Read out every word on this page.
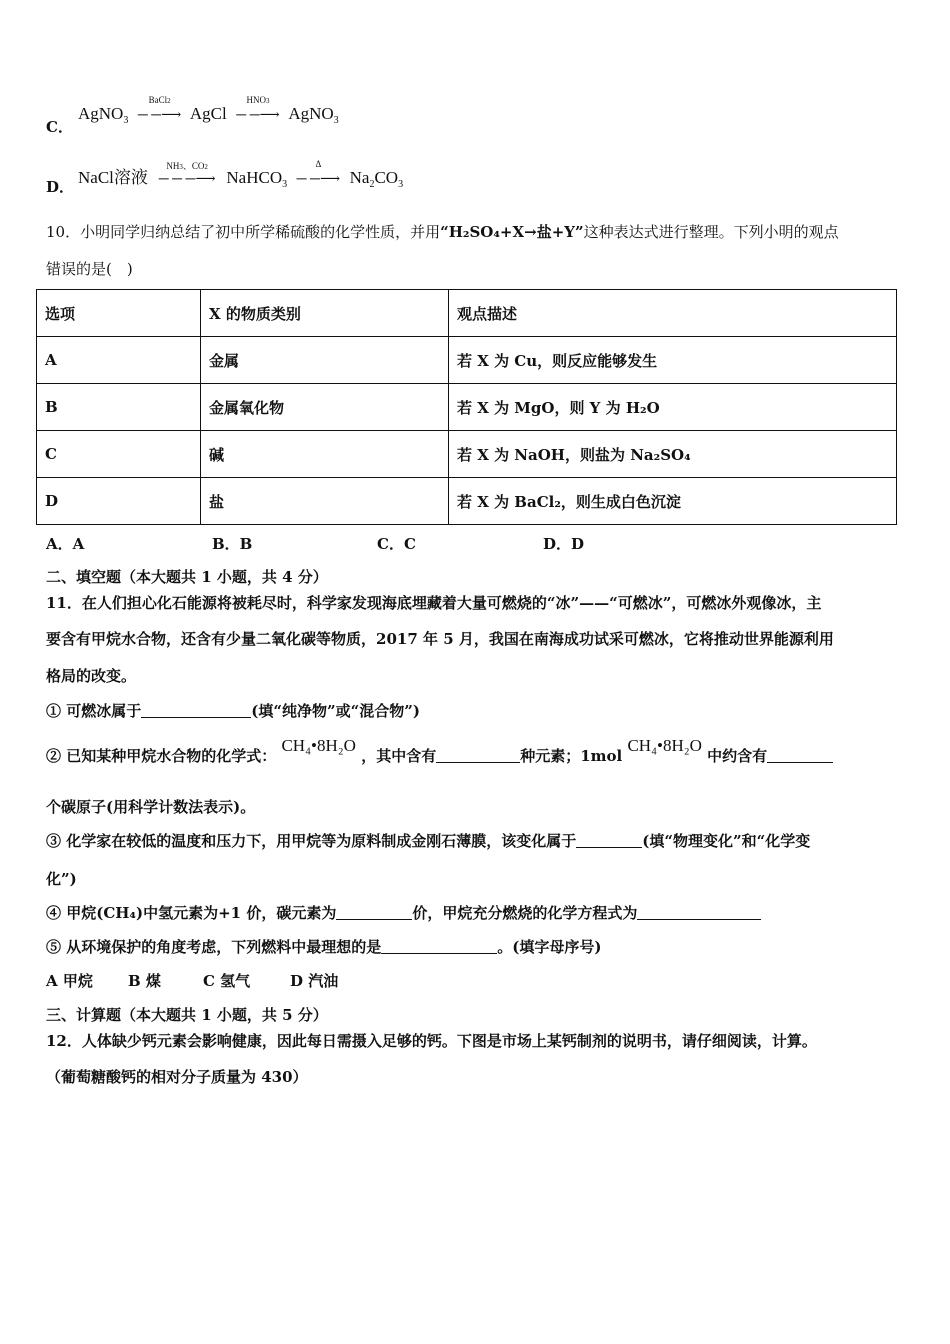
C．
AgNO$_3$
BaCl2
─ ─⟶ AgCl
HNO3
─ ─⟶ AgNO$_3$
D． NaCl溶液
NH3、CO2
─ ─ ─⟶ NaHCO$_3$
Δ
─ ─⟶ $Na_2CO_3$
10．小明同学归纳总结了初中所学稀硫酸的化学性质，并用“H₂SO₄+X→盐+Y”这种表达式进行整理。下列小明的观点
错误的是(　)
选项	X 的物质类别	观点描述
A	金属	若 X 为 Cu，则反应能够发生
B	金属氧化物	若 X 为 MgO，则 Y 为 H₂O
C	碱	若 X 为 NaOH，则盐为 Na₂SO₄
D	盐	若 X 为 BaCl₂，则生成白色沉淀
A．A	B．B	C．C	D．D
二、填空题（本大题共 1 小题，共 4 分）
11．在人们担心化石能源将被耗尽时，科学家发现海底埋藏着大量可燃烧的“冰”——“可燃冰”，可燃冰外观像冰，主
要含有甲烷水合物，还含有少量二氧化碳等物质，2017 年 5 月，我国在南海成功试采可燃冰，它将推动世界能源利用
格局的改变。
① 可燃冰属于	(填“纯净物”或“混合物”)
② 已知某种甲烷水合物的化学式： CH₄•8H₂O ，其中含有	种元素；1mol CH₄•8H₂O 中约含有
个碳原子(用科学计数法表示)。
③ 化学家在较低的温度和压力下，用甲烷等为原料制成金刚石薄膜，该变化属于	(填“物理变化”和“化学变
化”)
④ 甲烷(CH₄)中氢元素为+1 价，碳元素为	价，甲烷充分燃烧的化学方程式为
⑤ 从环境保护的角度考虑，下列燃料中最理想的是	。(填字母序号)
A 甲烷 B 煤	C 氢气	D 汽油
三、计算题（本大题共 1 小题，共 5 分）
12．人体缺少钙元素会影响健康，因此每日需摄入足够的钙。下图是市场上某钙制剂的说明书，请仔细阅读，计算。
（葡萄糖酸钙的相对分子质量为 430）
